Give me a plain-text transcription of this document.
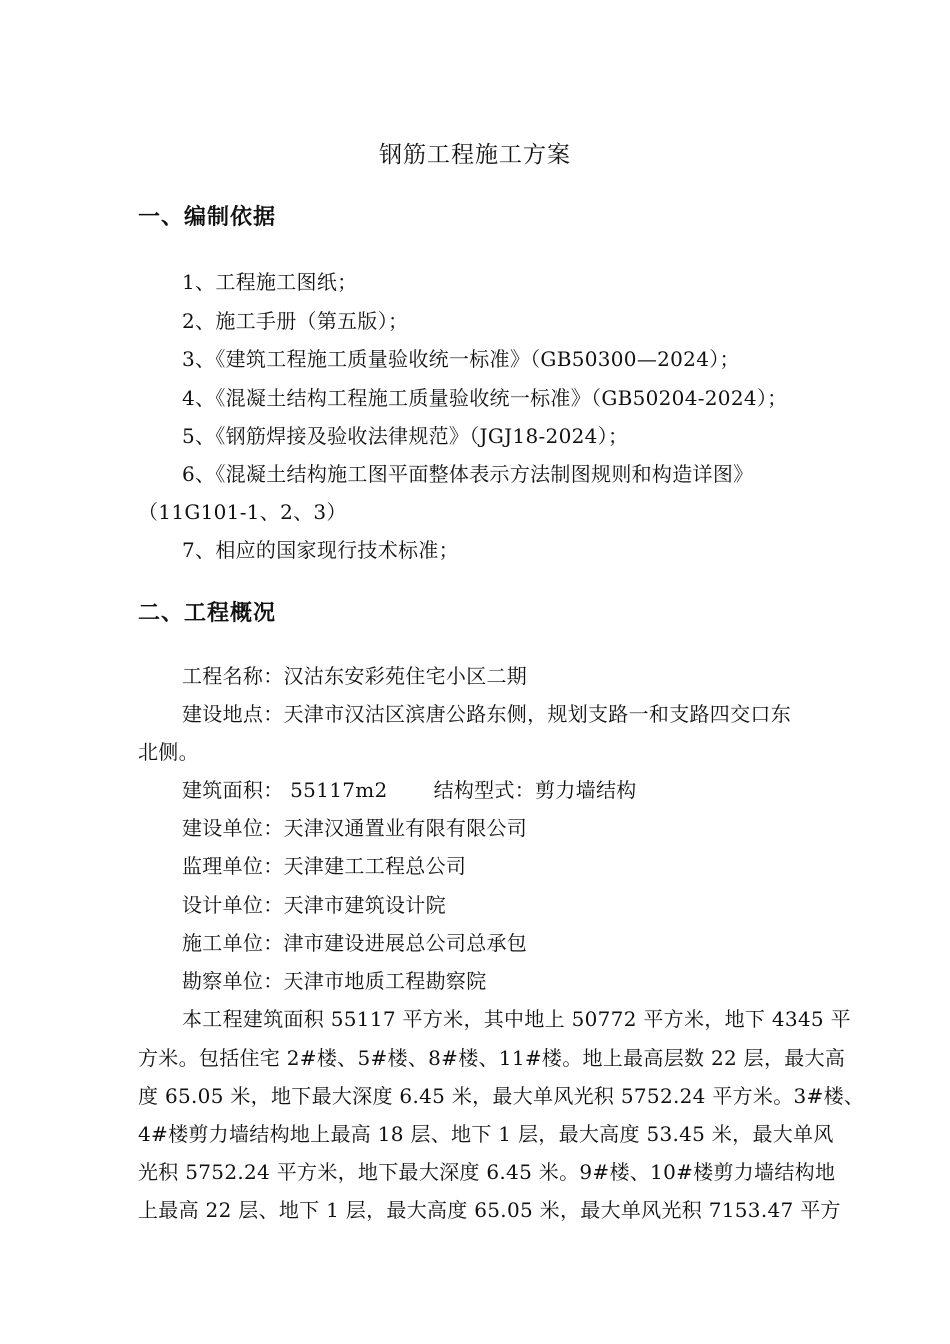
钢筋工程施工方案
一、编制依据
1、工程施工图纸；
2、施工手册（第五版）；
3、《建筑工程施工质量验收统一标准》（GB50300—2024）；
4、《混凝土结构工程施工质量验收统一标准》（GB50204-2024）；
5、《钢筋焊接及验收法律规范》（JGJ18-2024）；
6、《混凝土结构施工图平面整体表示方法制图规则和构造详图》
（11G101-1、2、3）
7、相应的国家现行技术标准；
二、工程概况
工程名称：汉沽东安彩苑住宅小区二期
建设地点：天津市汉沽区滨唐公路东侧，规划支路一和支路四交口东
北侧。
建筑面积： 55117m2 结构型式：剪力墙结构
建设单位：天津汉通置业有限有限公司
监理单位：天津建工工程总公司
设计单位：天津市建筑设计院
施工单位：津市建设进展总公司总承包
勘察单位：天津市地质工程勘察院
本工程建筑面积 55117 平方米，其中地上 50772 平方米，地下 4345 平
方米。包括住宅 2#楼、5#楼、8#楼、11#楼。地上最高层数 22 层，最大高
度 65.05 米，地下最大深度 6.45 米，最大单风光积 5752.24 平方米。3#楼、
4#楼剪力墙结构地上最高 18 层、地下 1 层，最大高度 53.45 米，最大单风
光积 5752.24 平方米，地下最大深度 6.45 米。9#楼、10#楼剪力墙结构地
上最高 22 层、地下 1 层，最大高度 65.05 米，最大单风光积 7153.47 平方
